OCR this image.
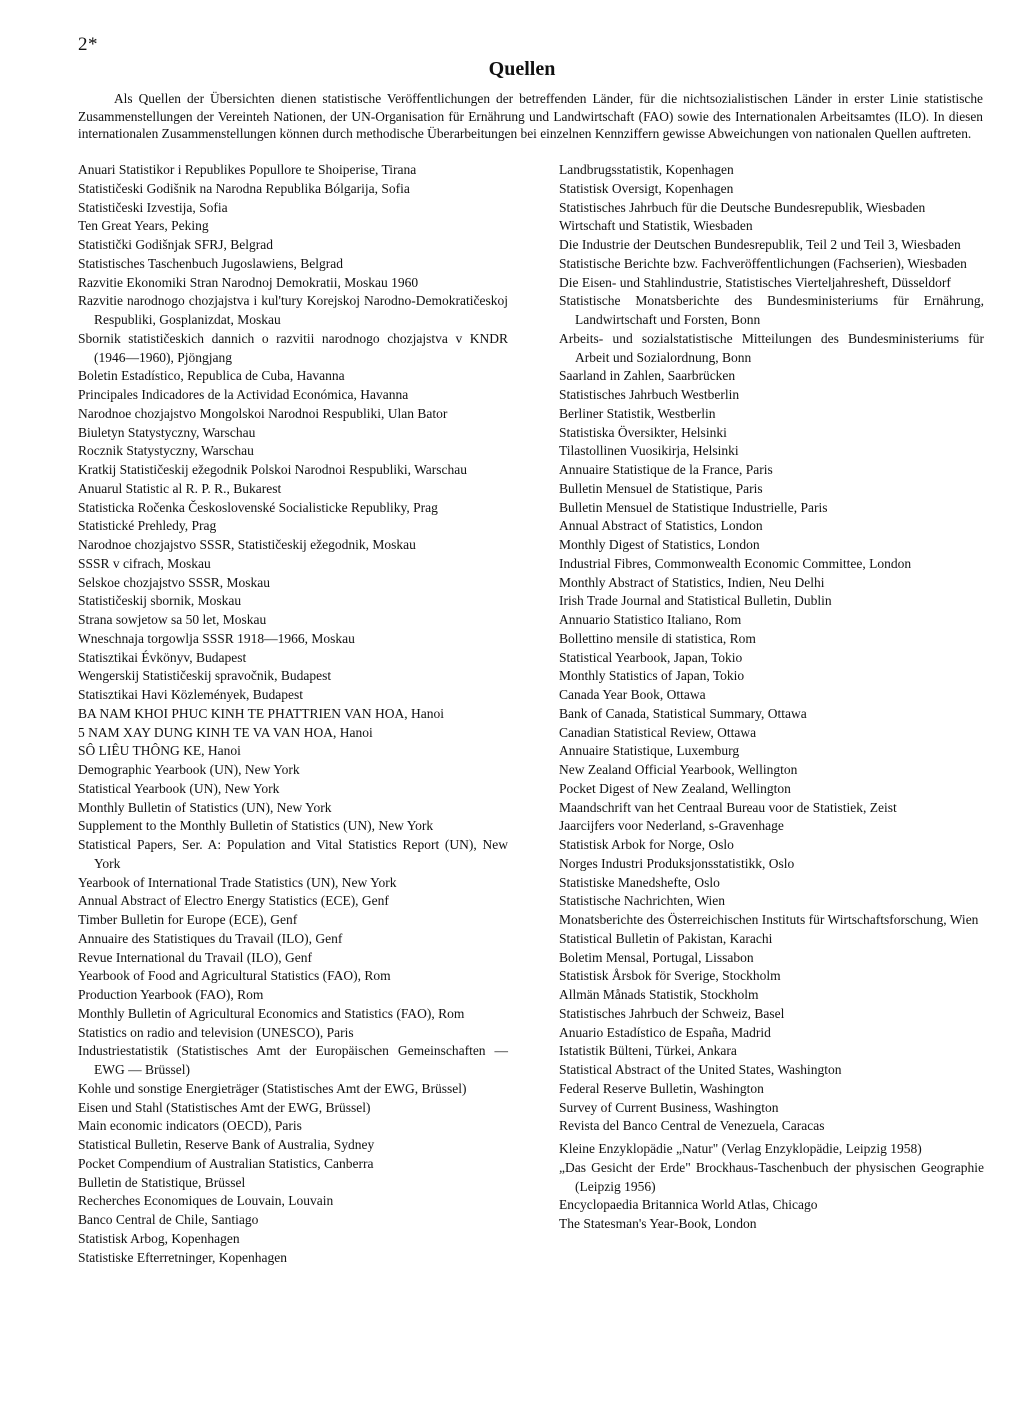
2*
Quellen

Als Quellen der Übersichten dienen statistische Veröffentlichungen der betreffenden Länder, für die nichtsozialistischen Länder in erster Linie statistische Zusammenstellungen der Vereinteh Nationen, der UN-Organisation für Ernährung und Landwirtschaft (FAO) sowie des Internationalen Arbeitsamtes (ILO). In diesen internationalen Zusammenstellungen können durch methodische Überarbeitungen bei einzelnen Kennziffern gewisse Abweichungen von nationalen Quellen auftreten.

Anuari Statistikor i Republikes Popullore te Shoiperise, Tirana
Statističeski Godišnik na Narodna Republika Bólgarija, Sofia
Statističeski Izvestija, Sofia
Ten Great Years, Peking
Statistički Godišnjak SFRJ, Belgrad
Statistisches Taschenbuch Jugoslawiens, Belgrad
Razvitie Ekonomiki Stran Narodnoj Demokratii, Moskau 1960
Razvitie narodnogo chozjajstva i kul'tury Korejskoj Narodno-Demokratičeskoj Respubliki, Gosplanizdat, Moskau
Sbornik statističeskich dannich o razvitii narodnogo chozjajstva v KNDR (1946—1960), Pjöngjang
Boletin Estadístico, Republica de Cuba, Havanna
Principales Indicadores de la Actividad Económica, Havanna
Narodnoe chozjajstvo Mongolskoi Narodnoi Respubliki, Ulan Bator
Biuletyn Statystyczny, Warschau
Rocznik Statystyczny, Warschau
Kratkij Statističeskij ežegodnik Polskoi Narodnoi Respubliki, Warschau
Anuarul Statistic al R. P. R., Bukarest
Statisticka Ročenka Československé Socialisticke Republiky, Prag
Statistické Prehledy, Prag
Narodnoe chozjajstvo SSSR, Statističeskij ežegodnik, Moskau
SSSR v cifrach, Moskau
Selskoe chozjajstvo SSSR, Moskau
Statističeskij sbornik, Moskau
Strana sowjetow sa 50 let, Moskau
Wneschnaja torgowlja SSSR 1918—1966, Moskau
Statisztikai Évkönyv, Budapest
Wengerskij Statističeskij spravočnik, Budapest
Statisztikai Havi Közlemények, Budapest
BA NAM KHOI PHUC KINH TE PHATTRIEN VAN HOA, Hanoi
5 NAM XAY DUNG KINH TE VA VAN HOA, Hanoi
SÔ LIÊU THÔNG KE, Hanoi
Demographic Yearbook (UN), New York
Statistical Yearbook (UN), New York
Monthly Bulletin of Statistics (UN), New York
Supplement to the Monthly Bulletin of Statistics (UN), New York
Statistical Papers, Ser. A: Population and Vital Statistics Report (UN), New York
Yearbook of International Trade Statistics (UN), New York
Annual Abstract of Electro Energy Statistics (ECE), Genf
Timber Bulletin for Europe (ECE), Genf
Annuaire des Statistiques du Travail (ILO), Genf
Revue International du Travail (ILO), Genf
Yearbook of Food and Agricultural Statistics (FAO), Rom
Production Yearbook (FAO), Rom
Monthly Bulletin of Agricultural Economics and Statistics (FAO), Rom
Statistics on radio and television (UNESCO), Paris
Industriestatistik (Statistisches Amt der Europäischen Gemeinschaften — EWG — Brüssel)
Kohle und sonstige Energieträger (Statistisches Amt der EWG, Brüssel)
Eisen und Stahl (Statistisches Amt der EWG, Brüssel)
Main economic indicators (OECD), Paris
Statistical Bulletin, Reserve Bank of Australia, Sydney
Pocket Compendium of Australian Statistics, Canberra
Bulletin de Statistique, Brüssel
Recherches Economiques de Louvain, Louvain
Banco Central de Chile, Santiago
Statistisk Arbog, Kopenhagen
Statistiske Efterretninger, Kopenhagen
Landbrugsstatistik, Kopenhagen
Statistisk Oversigt, Kopenhagen
Statistisches Jahrbuch für die Deutsche Bundesrepublik, Wiesbaden
Wirtschaft und Statistik, Wiesbaden
Die Industrie der Deutschen Bundesrepublik, Teil 2 und Teil 3, Wiesbaden
Statistische Berichte bzw. Fachveröffentlichungen (Fachserien), Wiesbaden
Die Eisen- und Stahlindustrie, Statistisches Vierteljahresheft, Düsseldorf
Statistische Monatsberichte des Bundesministeriums für Ernährung, Landwirtschaft und Forsten, Bonn
Arbeits- und sozialstatistische Mitteilungen des Bundesministeriums für Arbeit und Sozialordnung, Bonn
Saarland in Zahlen, Saarbrücken
Statistisches Jahrbuch Westberlin
Berliner Statistik, Westberlin
Statistiska Översikter, Helsinki
Tilastollinen Vuosikirja, Helsinki
Annuaire Statistique de la France, Paris
Bulletin Mensuel de Statistique, Paris
Bulletin Mensuel de Statistique Industrielle, Paris
Annual Abstract of Statistics, London
Monthly Digest of Statistics, London
Industrial Fibres, Commonwealth Economic Committee, London
Monthly Abstract of Statistics, Indien, Neu Delhi
Irish Trade Journal and Statistical Bulletin, Dublin
Annuario Statistico Italiano, Rom
Bollettino mensile di statistica, Rom
Statistical Yearbook, Japan, Tokio
Monthly Statistics of Japan, Tokio
Canada Year Book, Ottawa
Bank of Canada, Statistical Summary, Ottawa
Canadian Statistical Review, Ottawa
Annuaire Statistique, Luxemburg
New Zealand Official Yearbook, Wellington
Pocket Digest of New Zealand, Wellington
Maandschrift van het Centraal Bureau voor de Statistiek, Zeist
Jaarcijfers voor Nederland, s-Gravenhage
Statistisk Arbok for Norge, Oslo
Norges Industri Produksjonsstatistikk, Oslo
Statistiske Manedshefte, Oslo
Statistische Nachrichten, Wien
Monatsberichte des Österreichischen Instituts für Wirtschaftsforschung, Wien
Statistical Bulletin of Pakistan, Karachi
Boletim Mensal, Portugal, Lissabon
Statistisk Årsbok för Sverige, Stockholm
Allmän Månads Statistik, Stockholm
Statistisches Jahrbuch der Schweiz, Basel
Anuario Estadístico de España, Madrid
Istatistik Bülteni, Türkei, Ankara
Statistical Abstract of the United States, Washington
Federal Reserve Bulletin, Washington
Survey of Current Business, Washington
Revista del Banco Central de Venezuela, Caracas
Kleine Enzyklopädie „Natur" (Verlag Enzyklopädie, Leipzig 1958)
„Das Gesicht der Erde" Brockhaus-Taschenbuch der physischen Geographie (Leipzig 1956)
Encyclopaedia Britannica World Atlas, Chicago
The Statesman's Year-Book, London
